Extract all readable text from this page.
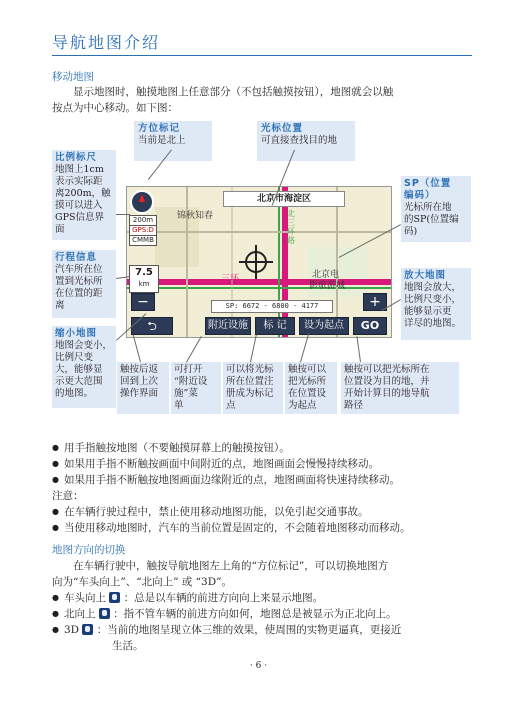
导航地图介绍
移动地图
显示地图时，触摸地图上任意部分（不包括触摸按钮），地图就会以触
按点为中心移动。如下图：
方位标记
当前是北上
光标位置
可直接查找目的地
比例标尺
地图上1cm
表示实际距
离200m，触
摸可以进入
GPS信息界
面
行程信息
汽车所在位
置到光标所
在位置的距
离
缩小地图
地图会变小，
比例尺变
大，能够显
示更大范围
的地图。
SP（位置
编码）
光标所在地
的SP(位置编
码)
放大地图
地图会放大，
比例尺变小，
能够显示更
详尽的地图。
北京市海淀区
锦秋知春
三环	北京电
影旅游城
北三环路
200m
GPS:D
CMMB
7.5
km
SP: 6672 - 6800 - 4177
−	+
⮌	附近设施	标 记	设为起点	GO
触按后返
回到上次
操作界面
可打开
“附近设
施”菜
单
可以将光标
所在位置注
册成为标记
点
触按可以
把光标所
在位置设
为起点
触按可以把光标所在
位置设为目的地，并
开始计算目的地导航
路径
● 用手指触按地图（不要触摸屏幕上的触摸按钮）。
● 如果用手指不断触按画面中间附近的点，地图画面会慢慢持续移动。
● 如果用手指不断触按地图画面边缘附近的点，地图画面将快速持续移动。
注意：
● 在车辆行驶过程中，禁止使用移动地图功能，以免引起交通事故。
● 当使用移动地图时，汽车的当前位置是固定的，不会随着地图移动而移动。
地图方向的切换
在车辆行驶中，触按导航地图左上角的“方位标记”，可以切换地图方
向为“车头向上”、“北向上” 或 “3D”。
● 车头向上 ：总是以车辆的前进方向向上来显示地图。
● 北向上 ：指不管车辆的前进方向如何，地图总是被显示为正北向上。
● 3D ：当前的地图呈现立体三维的效果，使周围的实物更逼真，更接近
生活。
· 6 ·
